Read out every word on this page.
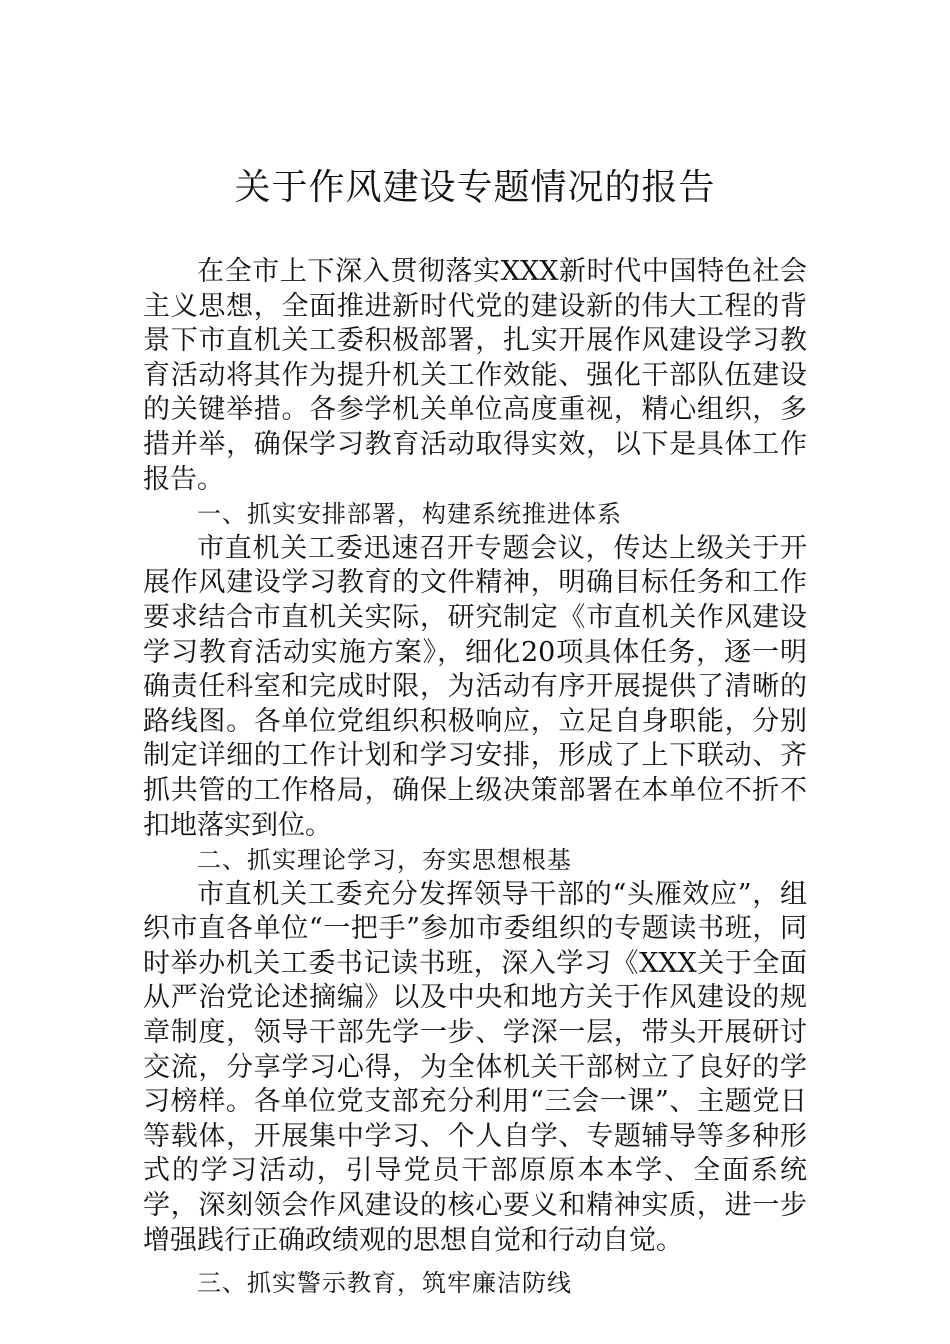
关于作风建设专题情况的报告

在全市上下深入贯彻落实XXX新时代中国特色社会主义思想，全面推进新时代党的建设新的伟大工程的背景下市直机关工委积极部署，扎实开展作风建设学习教育活动将其作为提升机关工作效能、强化干部队伍建设的关键举措。各参学机关单位高度重视，精心组织，多措并举，确保学习教育活动取得实效，以下是具体工作报告。

一、抓实安排部署，构建系统推进体系

市直机关工委迅速召开专题会议，传达上级关于开展作风建设学习教育的文件精神，明确目标任务和工作要求结合市直机关实际，研究制定《市直机关作风建设学习教育活动实施方案》，细化20项具体任务，逐一明确责任科室和完成时限，为活动有序开展提供了清晰的路线图。各单位党组织积极响应，立足自身职能，分别制定详细的工作计划和学习安排，形成了上下联动、齐抓共管的工作格局，确保上级决策部署在本单位不折不扣地落实到位。

二、抓实理论学习，夯实思想根基

市直机关工委充分发挥领导干部的“头雁效应”，组织市直各单位“一把手”参加市委组织的专题读书班，同时举办机关工委书记读书班，深入学习《XXX关于全面从严治党论述摘编》以及中央和地方关于作风建设的规章制度，领导干部先学一步、学深一层，带头开展研讨交流，分享学习心得，为全体机关干部树立了良好的学习榜样。各单位党支部充分利用“三会一课”、主题党日等载体，开展集中学习、个人自学、专题辅导等多种形式的学习活动，引导党员干部原原本本学、全面系统学，深刻领会作风建设的核心要义和精神实质，进一步增强践行正确政绩观的思想自觉和行动自觉。

三、抓实警示教育，筑牢廉洁防线
